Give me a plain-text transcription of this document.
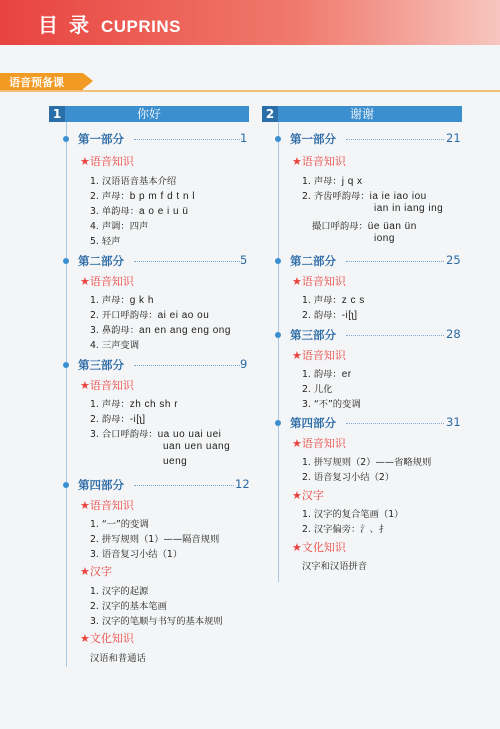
目 录 CUPRINS
语音预备课
你好
1
第一部分	1
★语音知识
1. 汉语语音基本介绍
2. 声母：b p m f d t n l
3. 单韵母：a o e i u ü
4. 声调：四声
5. 轻声
第二部分	5
★语音知识
1. 声母：g k h
2. 开口呼韵母：ai ei ao ou
3. 鼻韵母：an en ang eng ong
4. 三声变调
第三部分	9
★语音知识
1. 声母：zh ch sh r
2. 韵母：-i[ʅ]
3. 合口呼韵母：ua uo uai uei
uan uen uang
ueng
第四部分	12
★语音知识
1. “一”的变调
2. 拼写规则（1）——隔音规则
3. 语音复习小结（1）
★汉字
1. 汉字的起源
2. 汉字的基本笔画
3. 汉字的笔顺与书写的基本规则
★文化知识
汉语和普通话
谢谢
2
第一部分	21
★语音知识
1. 声母：j q x
2. 齐齿呼韵母：ia ie iao iou
ian in iang ing
撮口呼韵母：üe üan ün
iong
第二部分	25
★语音知识
1. 声母：z c s
2. 韵母：-i[ʅ]
第三部分	28
★语音知识
1. 韵母：er
2. 儿化
3. “不”的变调
第四部分	31
★语音知识
1. 拼写规则（2）——省略规则
2. 语音复习小结（2）
★汉字
1. 汉字的复合笔画（1）
2. 汉字偏旁：氵、扌
★文化知识
汉字和汉语拼音
